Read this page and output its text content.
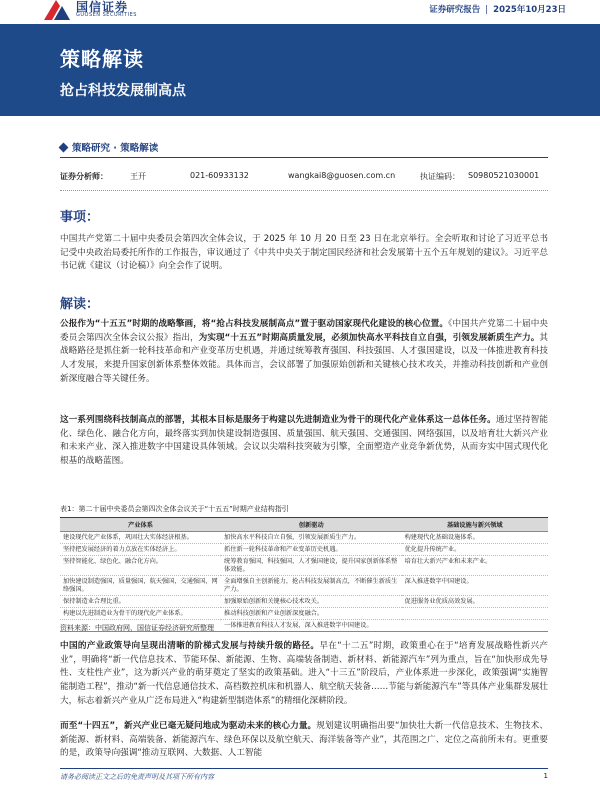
国信证券
GUOSEN SECURITIES	证券研究报告 | 2025年10月23日
策略解读
抢占科技发展制高点
策略研究 · 策略解读
证券分析师：	王开	021-60933132	wangkai8@guosen.com.cn	执证编码： S0980521030001
事项：
中国共产党第二十届中央委员会第四次全体会议，于 2025 年 10 月 20 日至 23 日在北京举行。全会听取和讨论了习近平总书记受中央政治局委托所作的工作报告，审议通过了《中共中央关于制定国民经济和社会发展第十五个五年规划的建议》。习近平总书记就《建议（讨论稿）》向全会作了说明。
解读：
公报作为“十五五”时期的战略擎画，将“抢占科技发展制高点”置于驱动国家现代化建设的核心位置。《中国共产党第二十届中央委员会第四次全体会议公报》指出，为实现“十五五”时期高质量发展，必须加快高水平科技自立自强，引领发展新质生产力。其战略路径是抓住新一轮科技革命和产业变革历史机遇，并通过统筹教育强国、科技强国、人才强国建设，以及一体推进教育科技人才发展，来提升国家创新体系整体效能。具体而言，会议部署了加强原始创新和关键核心技术攻关，并推动科技创新和产业创新深度融合等关键任务。
这一系列围绕科技制高点的部署，其根本目标是服务于构建以先进制造业为骨干的现代化产业体系这一总体任务。通过坚持智能化、绿色化、融合化方向，最终落实到加快建设制造强国、质量强国、航天强国、交通强国、网络强国，以及培育壮大新兴产业和未来产业、深入推进数字中国建设具体领域。会议以尖端科技突破为引擎，全面塑造产业竞争新优势，从而夯实中国式现代化根基的战略蓝图。
表1：第二十届中央委员会第四次全体会议关于“十五五”时期产业结构指引
产业体系	创新驱动	基础设施与新兴领域
建设现代化产业体系，巩固壮大实体经济根基。	加快高水平科技自立自强，引领发展新质生产力。	构建现代化基础设施体系。
坚持把发展经济的着力点放在实体经济上。	抓住新一轮科技革命和产业变革历史机遇。	优化提升传统产业。
坚持智能化、绿色化、融合化方向。	统筹教育强国，科技强国，人才强国建设，提升国家创新体系整体效能。	培育壮大新兴产业和未来产业。
加快建设制造强国，质量强国，航天强国，交通强国，网络强国。	全面增强自主创新能力，抢占科技发展制高点，不断催生新质生产力。	深入推进数字中国建设。
保持制造业合理比重。	加强原始创新和关键核心技术攻关。	促进服务业优质高效发展。
构建以先进制造业为骨干的现代化产业体系。	推动科技创新和产业创新深度融合。	
	一体推进教育科技人才发展，深入推进数字中国建设。	
资料来源：中国政府网，国信证券经济研究所整理
中国的产业政策导向呈现出清晰的阶梯式发展与持续升级的路径。早在“十二五”时期，政策重心在于“培育发展战略性新兴产业”，明确将“新一代信息技术、节能环保、新能源、生物、高端装备制造、新材料、新能源汽车”列为重点，旨在“加快形成先导性、支柱性产业”，这为新兴产业的萌芽奠定了坚实的政策基础。进入“十三五”阶段后，产业体系进一步深化，政策强调“实施智能制造工程”，推动“新一代信息通信技术、高档数控机床和机器人、航空航天装备……节能与新能源汽车”等具体产业集群发展壮大，标志着新兴产业从广泛布局进入“构建新型制造体系”的精细化深耕阶段。
而至“十四五”，新兴产业已毫无疑问地成为驱动未来的核心力量。规划建议明确指出要“加快壮大新一代信息技术、生物技术、新能源、新材料、高端装备、新能源汽车、绿色环保以及航空航天、海洋装备等产业”，其范围之广、定位之高前所未有。更重要的是，政策导向强调“推动互联网、大数据、人工智能
请务必阅读正文之后的免责声明及其项下所有内容	1
